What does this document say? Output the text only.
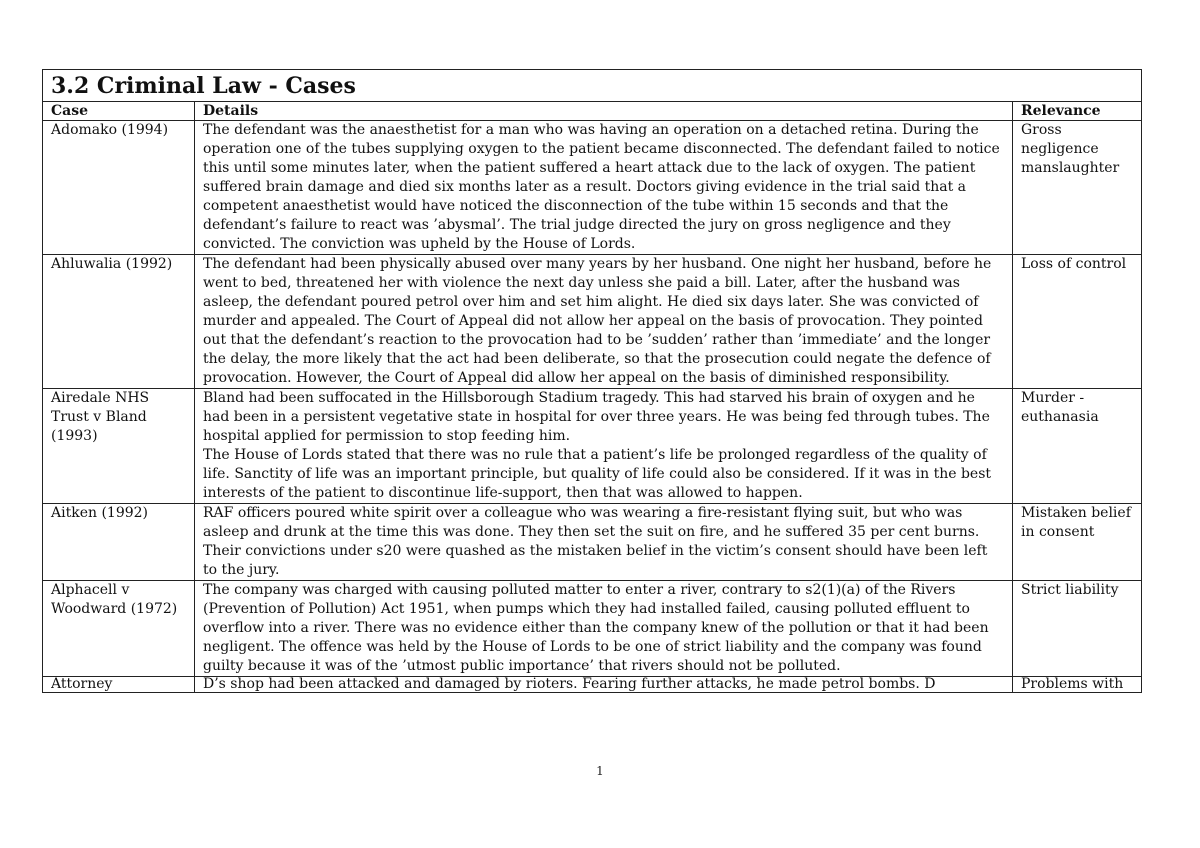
3.2 Criminal Law - Cases		
Case	Details	Relevance
Adomako (1994)	The defendant was the anaesthetist for a man who was having an operation on a detached retina. During the operation one of the tubes supplying oxygen to the patient became disconnected. The defendant failed to notice this until some minutes later, when the patient suffered a heart attack due to the lack of oxygen. The patient suffered brain damage and died six months later as a result. Doctors giving evidence in the trial said that a competent anaesthetist would have noticed the disconnection of the tube within 15 seconds and that the defendant’s failure to react was ’abysmal’. The trial judge directed the jury on gross negligence and they convicted. The conviction was upheld by the House of Lords.	Gross negligence manslaughter
Ahluwalia (1992)	The defendant had been physically abused over many years by her husband. One night her husband, before he went to bed, threatened her with violence the next day unless she paid a bill. Later, after the husband was asleep, the defendant poured petrol over him and set him alight. He died six days later. She was convicted of murder and appealed. The Court of Appeal did not allow her appeal on the basis of provocation. They pointed out that the defendant’s reaction to the provocation had to be ’sudden’ rather than ’immediate’ and the longer the delay, the more likely that the act had been deliberate, so that the prosecution could negate the defence of provocation. However, the Court of Appeal did allow her appeal on the basis of diminished responsibility.	Loss of control
Airedale NHS Trust v Bland (1993)	Bland had been suffocated in the Hillsborough Stadium tragedy. This had starved his brain of oxygen and he had been in a persistent vegetative state in hospital for over three years. He was being fed through tubes. The hospital applied for permission to stop feeding him.
The House of Lords stated that there was no rule that a patient’s life be prolonged regardless of the quality of life. Sanctity of life was an important principle, but quality of life could also be considered. If it was in the best interests of the patient to discontinue life-support, then that was allowed to happen.	Murder - euthanasia
Aitken (1992)	RAF officers poured white spirit over a colleague who was wearing a fire-resistant flying suit, but who was asleep and drunk at the time this was done. They then set the suit on fire, and he suffered 35 per cent burns. Their convictions under s20 were quashed as the mistaken belief in the victim’s consent should have been left to the jury.	Mistaken belief in consent
Alphacell v Woodward (1972)	The company was charged with causing polluted matter to enter a river, contrary to s2(1)(a) of the Rivers (Prevention of Pollution) Act 1951, when pumps which they had installed failed, causing polluted effluent to overflow into a river. There was no evidence either than the company knew of the pollution or that it had been negligent. The offence was held by the House of Lords to be one of strict liability and the company was found guilty because it was of the ’utmost public importance’ that rivers should not be polluted.	Strict liability

Attorney	D’s shop had been attacked and damaged by rioters. Fearing further attacks, he made petrol bombs. D	Problems with
1
